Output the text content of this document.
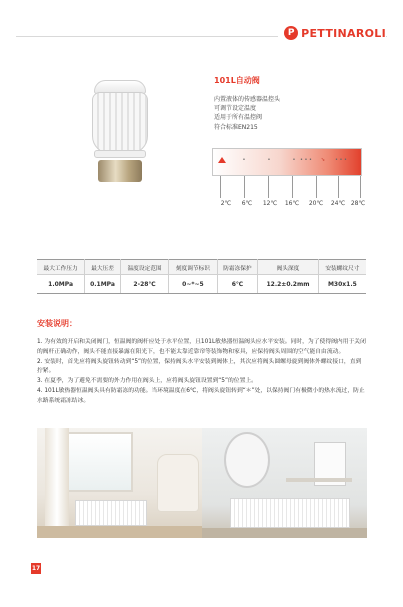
P PETTINAROLI
101L自动阀
内置液体的传感器温控头
可调节设定温度
适用于所有温控阀
符合标准EN215
•	•	• • • • ➘ • • •
2℃ 6℃ 12℃ 16℃ 20℃ 24℃ 28℃
最大工作压力	最大压差	温度设定范围	刻度调节标识	防霜冻保护	阀头深度	安装螺纹尺寸
1.0MPa	0.1MPa	2-28℃	0~*~5	6℃	12.2±0.2mm	M30x1.5
安装说明：

1. 为有效的开启和关闭阀门，恒温阀的阀杆应处于水平位置，且101L敏热器恒温阀头应水平安装。同时，为了使得阀内用于关闭的阀杆正确动作，阀头不能直接暴露在阳光下，也不能太靠近靠帘等装饰物和家具，应保持阀头周围的空气能自由流动。

2. 安装时，首先应将阀头旋钮转动到“5”的位置，保持阀头水平安装到阀体上，其次应将阀头圆螺母旋到阀体外螺纹接口，直到拧紧。

3. 在夏季，为了避免不需要的外力作用在阀头上，应将阀头旋钮设置到“5”的位置上。

4. 101L敏热器恒温阀头具有防霜冻的功能。当环境温度在6℃，将阀头旋钮转到“＊”处，以保持阀门有极微小的热水流过，防止水路系统霜冻结冰。

17
